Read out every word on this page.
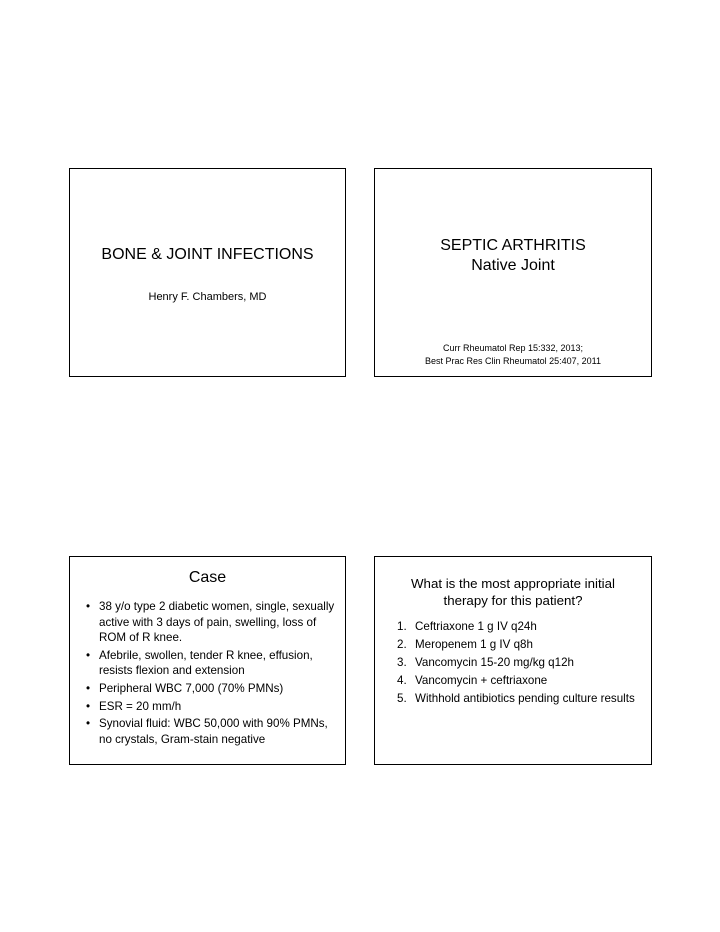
BONE & JOINT INFECTIONS
Henry F. Chambers, MD
SEPTIC ARTHRITIS
Native Joint
Curr Rheumatol Rep 15:332, 2013;
Best Prac Res Clin Rheumatol 25:407, 2011
Case
• 38 y/o type 2 diabetic women, single, sexually active with 3 days of pain, swelling, loss of ROM of R knee.
• Afebrile, swollen, tender R knee, effusion, resists flexion and extension
• Peripheral WBC 7,000 (70% PMNs)
• ESR = 20 mm/h
• Synovial fluid: WBC 50,000 with 90% PMNs, no crystals, Gram-stain negative
What is the most appropriate initial therapy for this patient?
1. Ceftriaxone 1 g IV q24h
2. Meropenem 1 g IV q8h
3. Vancomycin 15-20 mg/kg q12h
4. Vancomycin + ceftriaxone
5. Withhold antibiotics pending culture results
